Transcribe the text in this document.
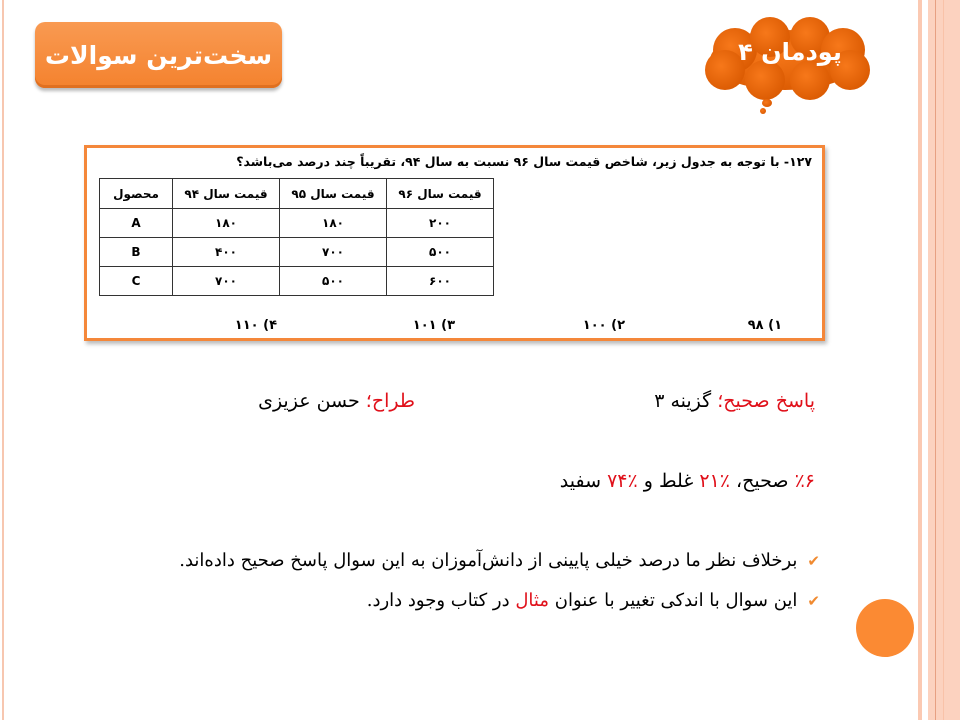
سخت‌ترین سوالات	پودمان ۴
۱۲۷- با توجه به جدول زیر، شاخص قیمت سال ۹۶ نسبت به سال ۹۴، تقریباً چند درصد می‌باشد؟
قیمت سال ۹۶	قیمت سال ۹۵	قیمت سال ۹۴	محصول
۲۰۰	۱۸۰	۱۸۰	A
۵۰۰	۷۰۰	۴۰۰	B
۶۰۰	۵۰۰	۷۰۰	C
۱) ۹۸
۲) ۱۰۰
۳) ۱۰۱
۴) ۱۱۰
پاسخ صحیح؛ گزینه ۳
طراح؛ حسن عزیزی
٪۶ صحیح، ٪۲۱ غلط و ٪۷۴ سفید
✔برخلاف نظر ما درصد خیلی پایینی از دانش‌آموزان به این سوال پاسخ صحیح داده‌اند.
✔این سوال با اندکی تغییر با عنوان مثال در کتاب وجود دارد.
